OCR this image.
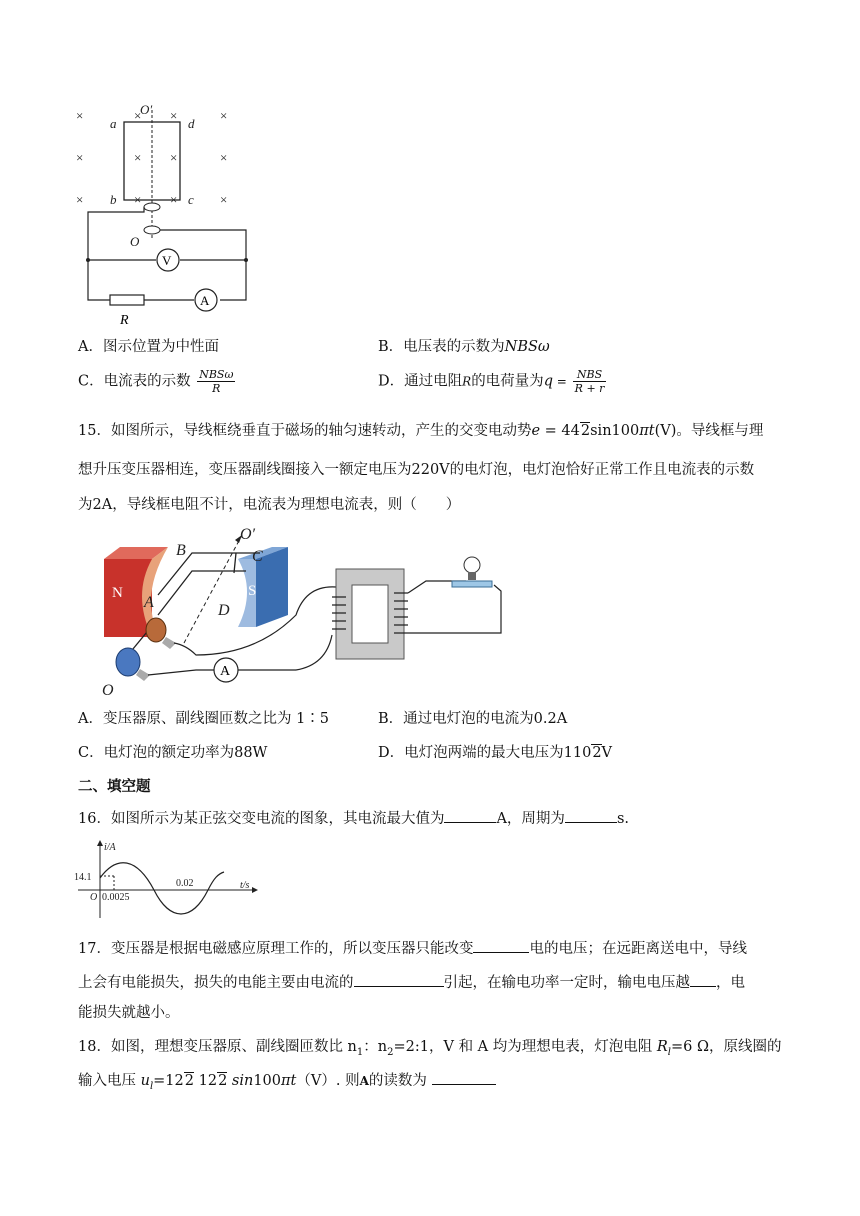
×	× ×	×
×	× ×	×
×	× ×	×
a	d
b	c
O′
O
V
R
A
A．图示位置为中性面	B．电压表的示数为NBSω
C．电流表的示数 $\frac{\text{NBSω}}{R}$	D．通过电阻R的电荷量为$q = \frac{\text{NBS}}{R + r}$
15．如图所示，导线框绕垂直于磁场的轴匀速转动，产生的交变电动势e = 442sin100πt(V)。导线框与理
想升压变压器相连，变压器副线圈接入一额定电压为220V的电灯泡，电灯泡恰好正常工作且电流表的示数
为2A，导线框电阻不计，电流表为理想电流表，则（　　）
N	S
A
B	C
D
O′
O
A
A．变压器原、副线圈匝数之比为 1∶5	B．通过电灯泡的电流为0.2A
C．电灯泡的额定功率为88W	D．电灯泡两端的最大电压为1102V
二、填空题
16．如图所示为某正弦交变电流的图象，其电流最大值为	A，周期为	s.
i/A
t/s
14.1
O 0.0025
0.02
17．变压器是根据电磁感应原理工作的，所以变压器只能改变	电的电压；在远距离送电中，导线
上会有电能损失，损失的电能主要由电流的	引起，在输电功率一定时，输电电压越 ，电
能损失就越小。
18．如图，理想变压器原、副线圈匝数比 $n_1$：$n_2=2:1$，V 和 A 均为理想电表，灯泡电阻 $R_l=6$ Ω，原线圈的
输入电压 $u_l=122$ 122 sin100πt（V）. 则A的读数为
